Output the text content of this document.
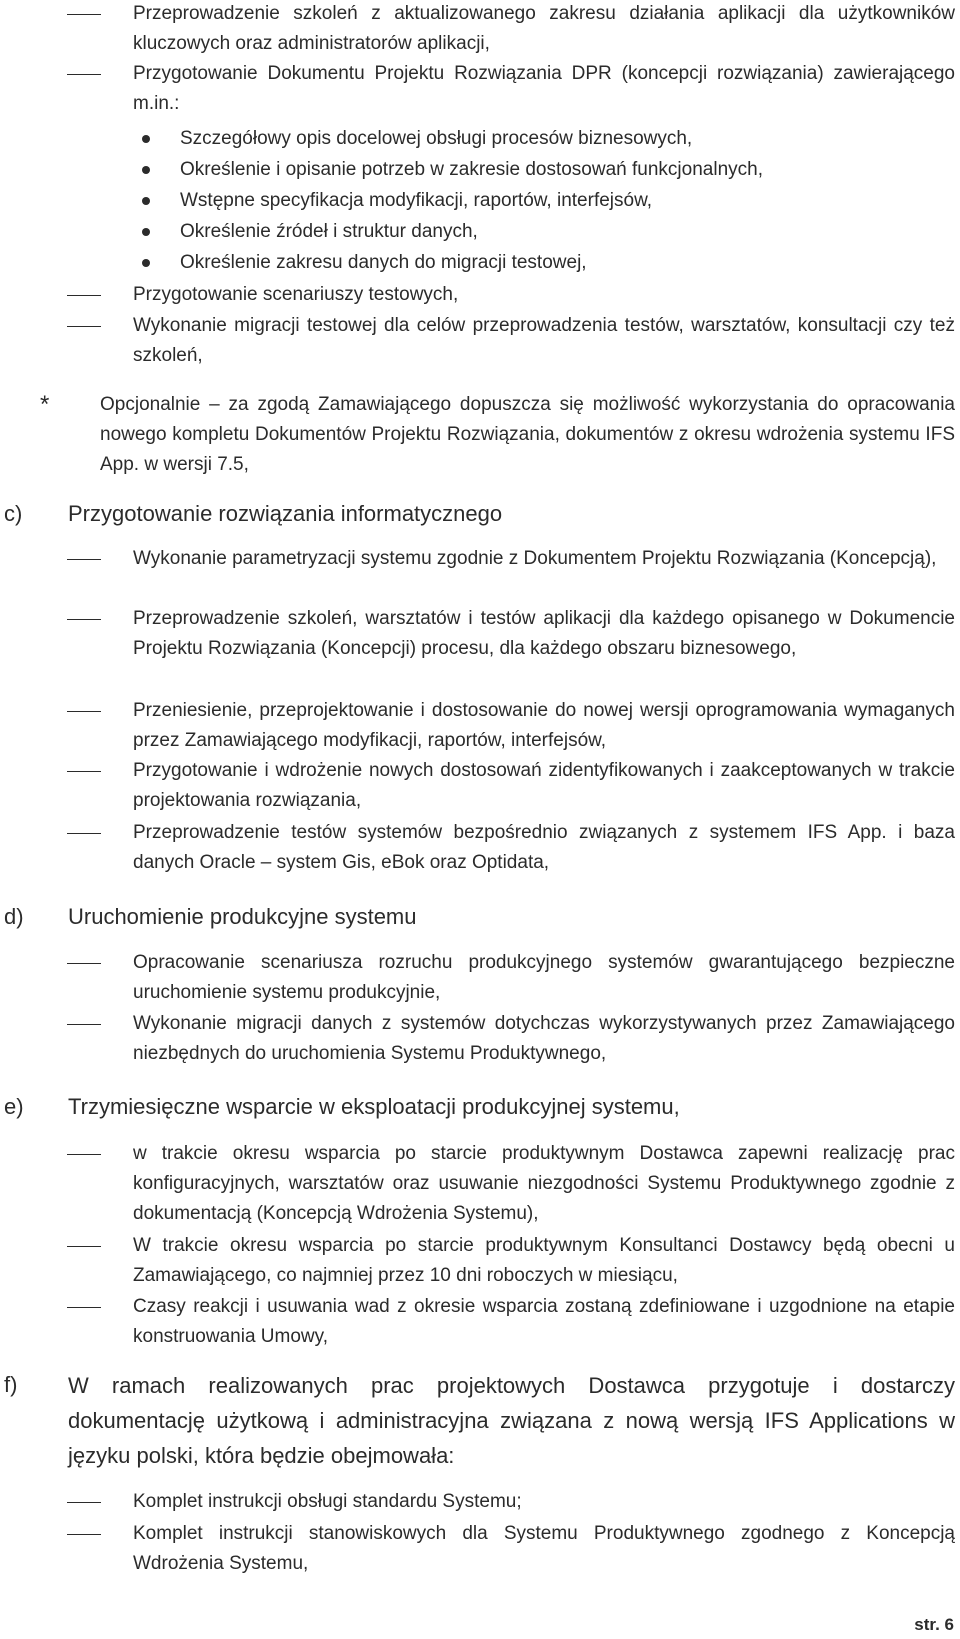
Przeprowadzenie szkoleń z aktualizowanego zakresu działania aplikacji dla użytkowników kluczowych oraz administratorów aplikacji,

Przygotowanie Dokumentu Projektu Rozwiązania DPR (koncepcji rozwiązania) zawierającego m.in.:

Szczegółowy opis docelowej obsługi procesów biznesowych,

Określenie i opisanie potrzeb w zakresie dostosowań funkcjonalnych,

Wstępne specyfikacja modyfikacji, raportów, interfejsów,

Określenie źródeł i struktur danych,

Określenie zakresu danych do migracji testowej,

Przygotowanie scenariuszy testowych,

Wykonanie migracji testowej dla celów przeprowadzenia testów, warsztatów, konsultacji czy też szkoleń,

*	Opcjonalnie – za zgodą Zamawiającego dopuszcza się możliwość wykorzystania do opracowania nowego kompletu Dokumentów Projektu Rozwiązania, dokumentów z okresu wdrożenia systemu IFS App. w wersji 7.5,

c) Przygotowanie rozwiązania informatycznego

Wykonanie parametryzacji systemu zgodnie z Dokumentem Projektu Rozwiązania (Koncepcją),

Przeprowadzenie szkoleń, warsztatów i testów aplikacji dla każdego opisanego w Dokumencie Projektu Rozwiązania (Koncepcji) procesu, dla każdego obszaru biznesowego,

Przeniesienie, przeprojektowanie i dostosowanie do nowej wersji oprogramowania wymaganych przez Zamawiającego modyfikacji, raportów, interfejsów,

Przygotowanie i wdrożenie nowych dostosowań zidentyfikowanych i zaakceptowanych w trakcie projektowania rozwiązania,

Przeprowadzenie testów systemów bezpośrednio związanych z systemem IFS App. i baza danych Oracle – system Gis, eBok oraz Optidata,

d) Uruchomienie produkcyjne systemu

Opracowanie scenariusza rozruchu produkcyjnego systemów gwarantującego bezpieczne uruchomienie systemu produkcyjnie,

Wykonanie migracji danych z systemów dotychczas wykorzystywanych przez Zamawiającego niezbędnych do uruchomienia Systemu Produktywnego,

e) Trzymiesięczne wsparcie w eksploatacji produkcyjnej systemu,

w trakcie okresu wsparcia po starcie produktywnym Dostawca zapewni realizację prac konfiguracyjnych, warsztatów oraz usuwanie niezgodności Systemu Produktywnego zgodnie z dokumentacją (Koncepcją Wdrożenia Systemu),

W trakcie okresu wsparcia po starcie produktywnym Konsultanci Dostawcy będą obecni u Zamawiającego, co najmniej przez 10 dni roboczych w miesiącu,

Czasy reakcji i usuwania wad z okresie wsparcia zostaną zdefiniowane i uzgodnione na etapie konstruowania Umowy,

f) W ramach realizowanych prac projektowych Dostawca przygotuje i dostarczy dokumentację użytkową i administracyjna związana z nową wersją IFS Applications w języku polski, która będzie obejmowała:

Komplet instrukcji obsługi standardu Systemu;

Komplet instrukcji stanowiskowych dla Systemu Produktywnego zgodnego z Koncepcją Wdrożenia Systemu,

str. 6
